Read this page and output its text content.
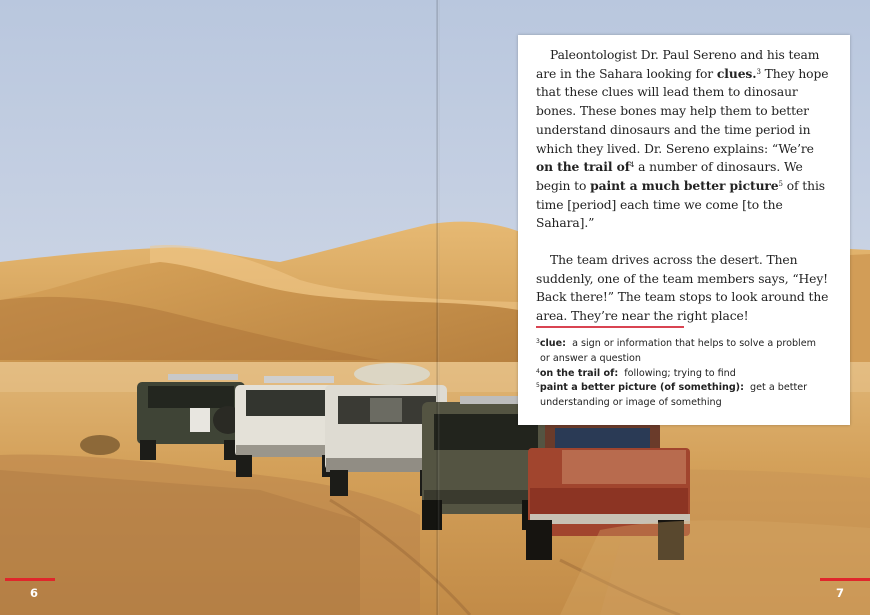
Paleontologist Dr. Paul Sereno and his team are in the Sahara looking for clues.$^3$ They hope that these clues will lead them to dinosaur bones. These bones may help them to better understand dinosaurs and the time period in which they lived. Dr. Sereno explains: “We’re on the trail $of^4$ a number of dinosaurs. We begin to paint a much better picture$^5$ of this time [period] each time we come [to the Sahara].”

The team drives across the desert. Then suddenly, one of the team members says, “Hey! Back there!” The team stops to look around the area. They’re near the right place!

$^3$clue: a sign or information that helps to solve a problem
or answer a question
$^4$on the trail of: following; trying to find
$^5$paint a better picture (of something): get a better
understanding or image of something
6	7
